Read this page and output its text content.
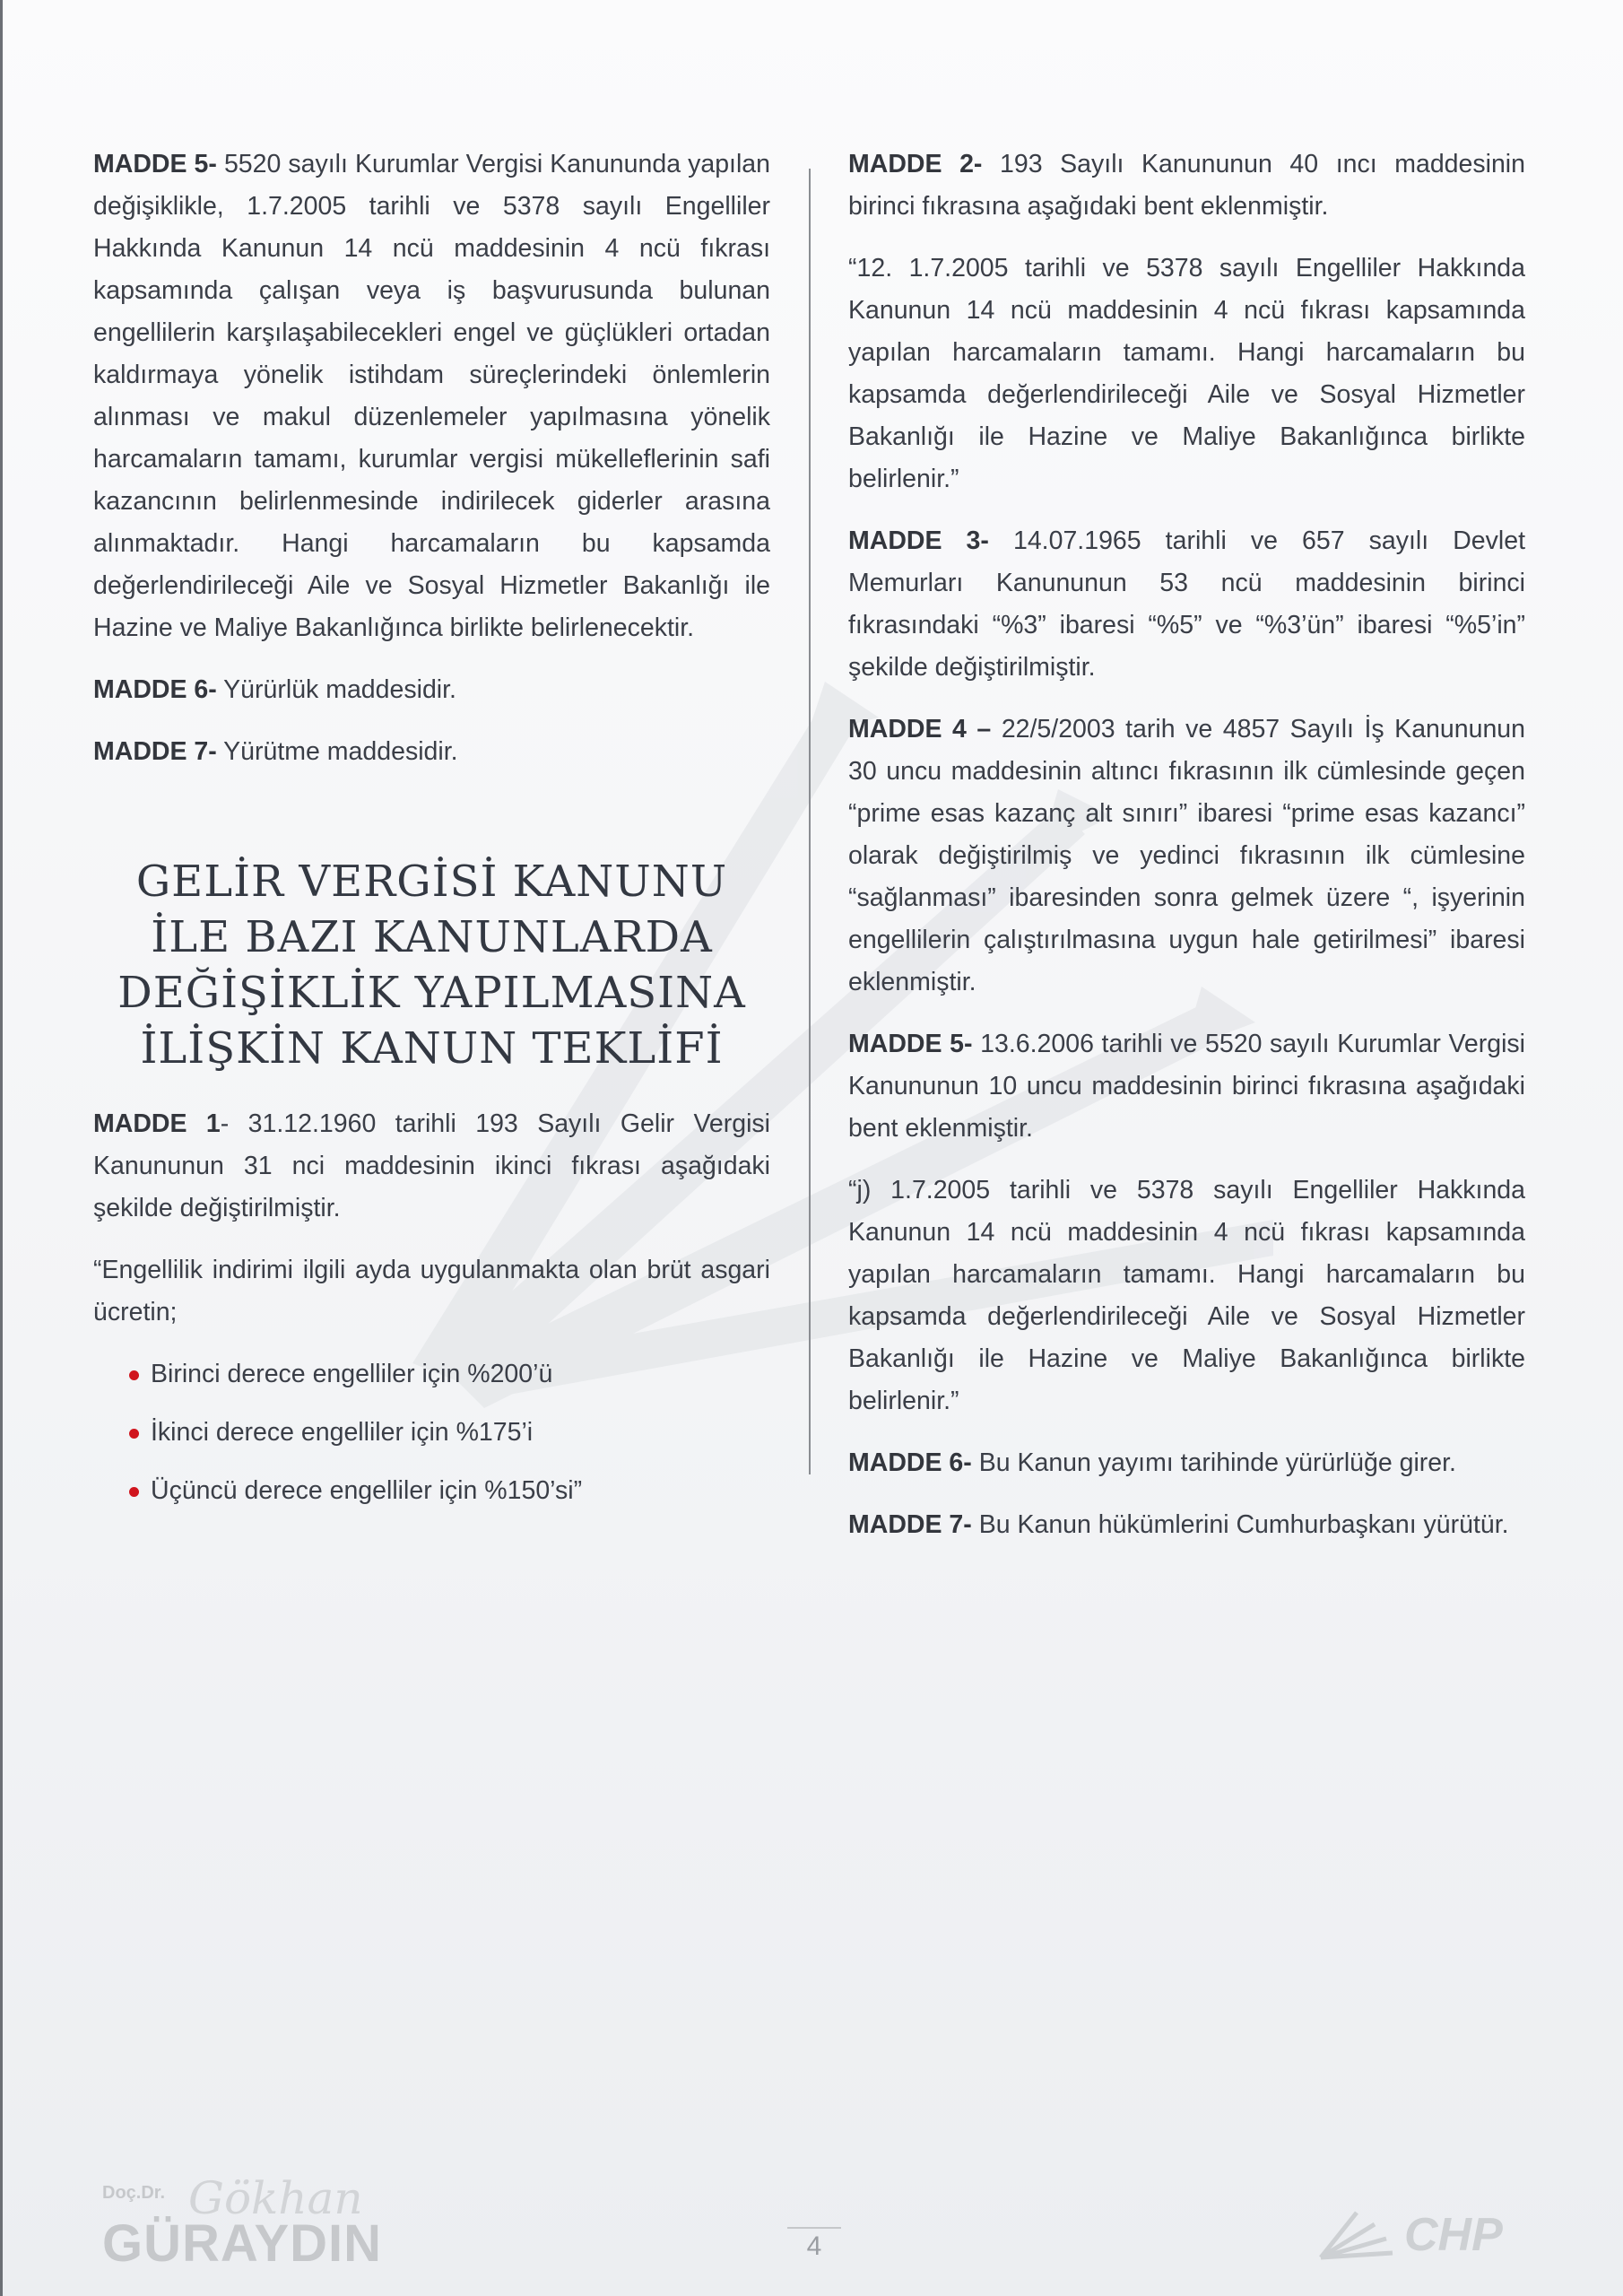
MADDE 5- 5520 sayılı Kurumlar Vergisi Kanununda yapılan değişiklikle, 1.7.2005 tarihli ve 5378 sayılı Engelliler Hakkında Kanunun 14 ncü maddesinin 4 ncü fıkrası kapsamında çalışan veya iş başvurusunda bulunan engellilerin karşılaşabilecekleri engel ve güçlükleri ortadan kaldırmaya yönelik istihdam süreçlerindeki önlemlerin alınması ve makul düzenlemeler yapılmasına yönelik harcamaların tamamı, kurumlar vergisi mükelleflerinin safi kazancının belirlenmesinde indirilecek giderler arasına alınmaktadır. Hangi harcamaların bu kapsamda değerlendirileceği Aile ve Sosyal Hizmetler Bakanlığı ile Hazine ve Maliye Bakanlığınca birlikte belirlenecektir.

MADDE 6- Yürürlük maddesidir.

MADDE 7- Yürütme maddesidir.

GELİR VERGİSİ KANUNU İLE BAZI KANUNLARDA DEĞİŞİKLİK YAPILMASINA İLİŞKİN KANUN TEKLİFİ

MADDE 1- 31.12.1960 tarihli 193 Sayılı Gelir Vergisi Kanununun 31 nci maddesinin ikinci fıkrası aşağıdaki şekilde değiştirilmiştir.

“Engellilik indirimi ilgili ayda uygulanmakta olan brüt asgari ücretin;

Birinci derece engelliler için %200’ü
İkinci derece engelliler için %175’i
Üçüncü derece engelliler için %150’si”

MADDE 2- 193 Sayılı Kanununun 40 ıncı maddesinin birinci fıkrasına aşağıdaki bent eklenmiştir.

“12. 1.7.2005 tarihli ve 5378 sayılı Engelliler Hakkında Kanunun 14 ncü maddesinin 4 ncü fıkrası kapsamında yapılan harcamaların tamamı. Hangi harcamaların bu kapsamda değerlendirileceği Aile ve Sosyal Hizmetler Bakanlığı ile Hazine ve Maliye Bakanlığınca birlikte belirlenir.”

MADDE 3- 14.07.1965 tarihli ve 657 sayılı Devlet Memurları Kanununun 53 ncü maddesinin birinci fıkrasındaki “%3” ibaresi “%5” ve “%3’ün” ibaresi “%5’in” şekilde değiştirilmiştir.

MADDE 4 – 22/5/2003 tarih ve 4857 Sayılı İş Kanununun 30 uncu maddesinin altıncı fıkrasının ilk cümlesinde geçen “prime esas kazanç alt sınırı” ibaresi “prime esas kazancı” olarak değiştirilmiş ve yedinci fıkrasının ilk cümlesine “sağlanması” ibaresinden sonra gelmek üzere “, işyerinin engellilerin çalıştırılmasına uygun hale getirilmesi” ibaresi eklenmiştir.

MADDE 5- 13.6.2006 tarihli ve 5520 sayılı Kurumlar Vergisi Kanununun 10 uncu maddesinin birinci fıkrasına aşağıdaki bent eklenmiştir.

“j) 1.7.2005 tarihli ve 5378 sayılı Engelliler Hakkında Kanunun 14 ncü maddesinin 4 ncü fıkrası kapsamında yapılan harcamaların tamamı. Hangi harcamaların bu kapsamda değerlendirileceği Aile ve Sosyal Hizmetler Bakanlığı ile Hazine ve Maliye Bakanlığınca birlikte belirlenir.”

MADDE 6- Bu Kanun yayımı tarihinde yürürlüğe girer.

MADDE 7- Bu Kanun hükümlerini Cumhurbaşkanı yürütür.

Doç.Dr. Gökhan
GÜRAYDIN	4	CHP
